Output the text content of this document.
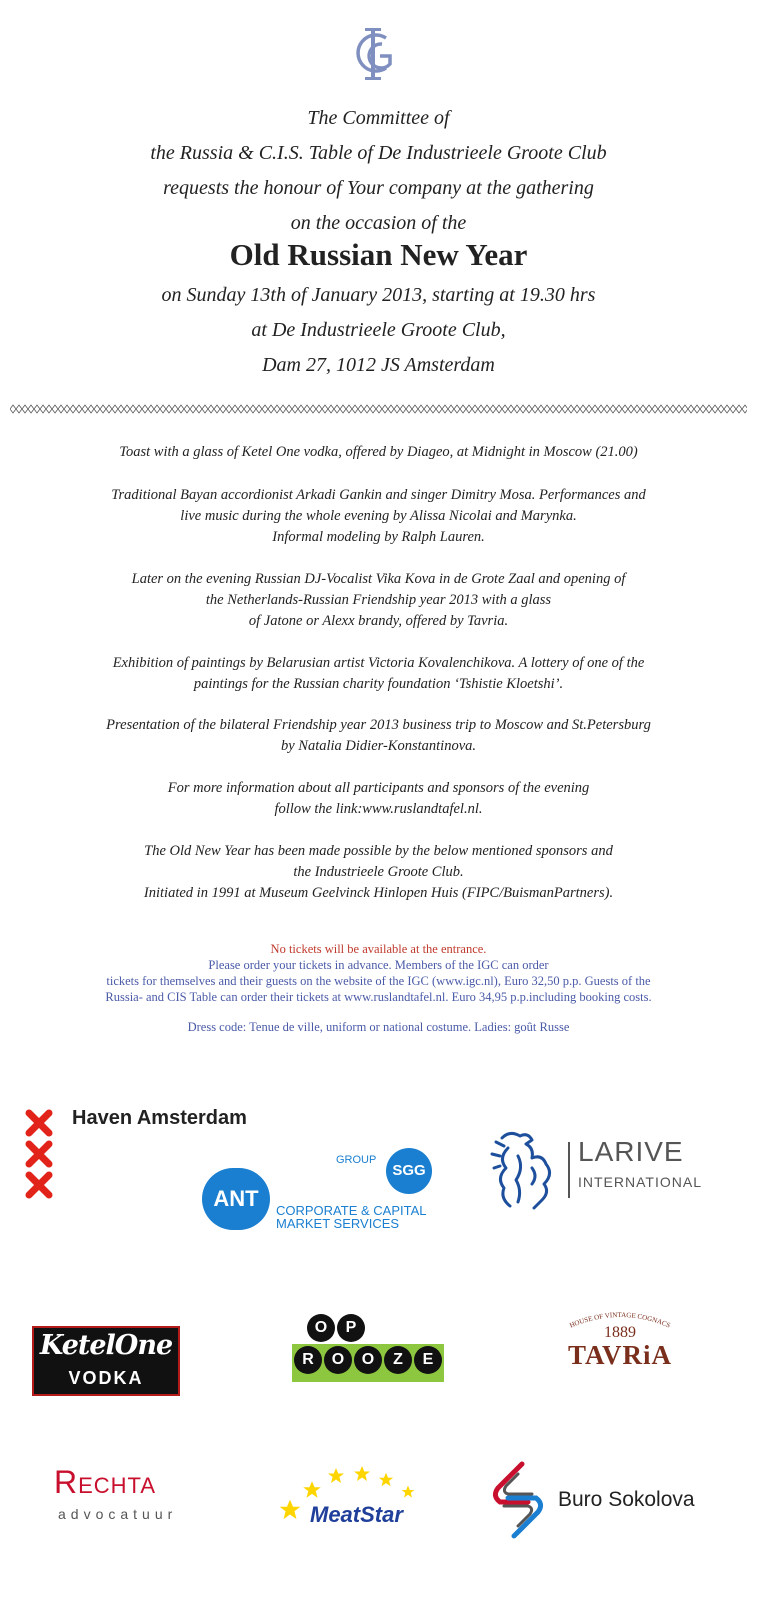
The Committee of
the Russia & C.I.S. Table of De Industrieele Groote Club
requests the honour of Your company at the gathering
on the occasion of the
Old Russian New Year
on Sunday 13th of January 2013, starting at 19.30 hrs
at De Industrieele Groote Club,
Dam 27, 1012 JS Amsterdam
Toast with a glass of Ketel One vodka, offered by Diageo, at Midnight in Moscow (21.00)
Traditional Bayan accordionist Arkadi Gankin and singer Dimitry Mosa. Performances and
live music during the whole evening by Alissa Nicolai and Marynka.
Informal modeling by Ralph Lauren.
Later on the evening Russian DJ-Vocalist Vika Kova in de Grote Zaal and opening of
the Netherlands-Russian Friendship year 2013 with a glass
of Jatone or Alexx brandy, offered by Tavria.
Exhibition of paintings by Belarusian artist Victoria Kovalenchikova. A lottery of one of the
paintings for the Russian charity foundation ‘Tshistie Kloetshi’.
Presentation of the bilateral Friendship year 2013 business trip to Moscow and St.Petersburg
by Natalia Didier-Konstantinova.
For more information about all participants and sponsors of the evening
follow the link:www.ruslandtafel.nl.
The Old New Year has been made possible by the below mentioned sponsors and
the Industrieele Groote Club.
Initiated in 1991 at Museum Geelvinck Hinlopen Huis (FIPC/BuismanPartners).
No tickets will be available at the entrance.
Please order your tickets in advance. Members of the IGC can order
tickets for themselves and their guests on the website of the IGC (www.igc.nl), Euro 32,50 p.p. Guests of the
Russia- and CIS Table can order their tickets at www.ruslandtafel.nl. Euro 34,95 p.p.including booking costs.
Dress code: Tenue de ville, uniform or national costume. Ladies: goût Russe
Haven Amsterdam
GROUP
SGG
ANT	CORPORATE & CAPITAL
MARKET SERVICES
LARIVE
INTERNATIONAL
KetelOne
VODKA
O	P
R	O	O	Z	E
HOUSE OF VINTAGE COGNACS
1889
TAVRiA
Rechta
advocatuur	MeatStar
Buro Sokolova
